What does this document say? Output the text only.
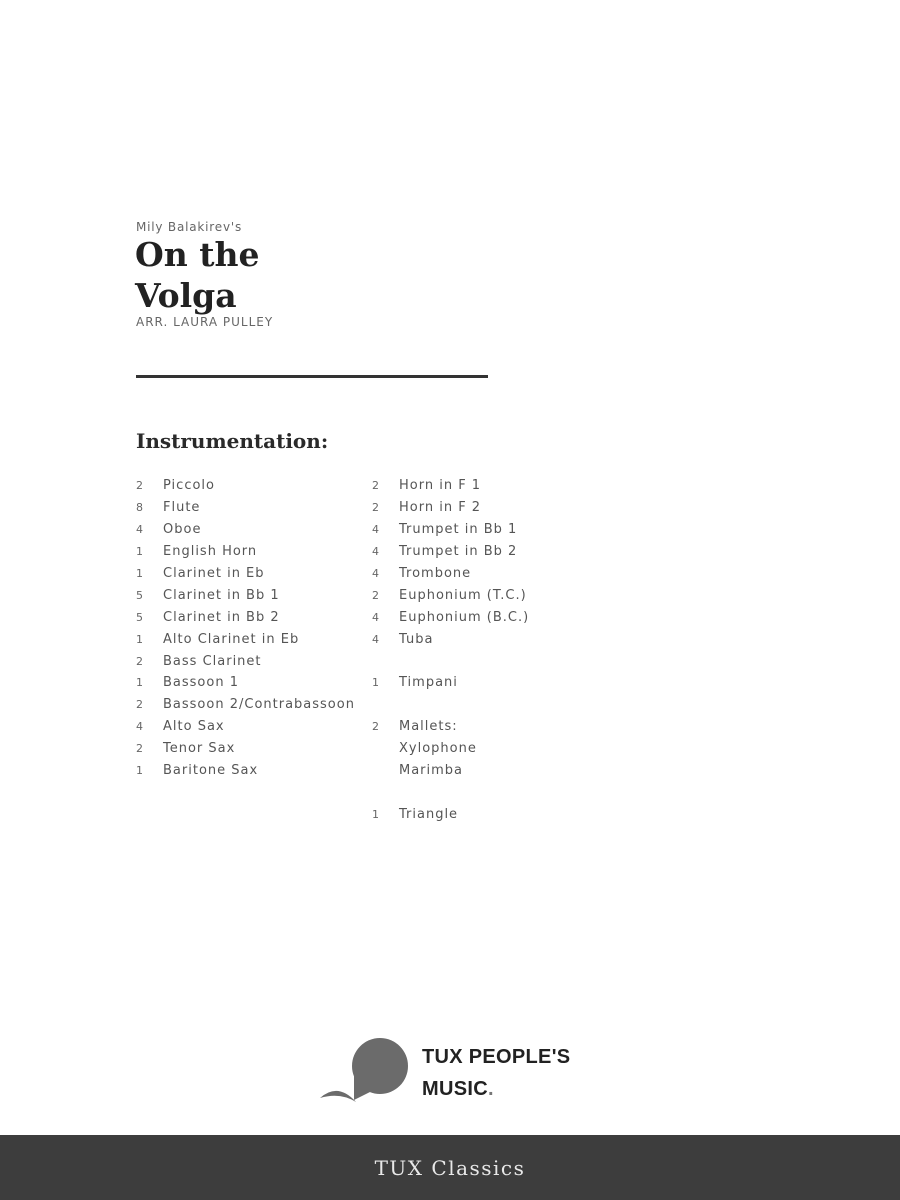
Mily Balakirev's
On the
Volga
ARR. LAURA PULLEY
Instrumentation:
2	Piccolo
8	Flute
4	Oboe
1	English Horn
1	Clarinet in Eb
5	Clarinet in Bb 1
5	Clarinet in Bb 2
1	Alto Clarinet in Eb
2	Bass Clarinet
1	Bassoon 1
2	Bassoon 2/Contrabassoon
4	Alto Sax
2	Tenor Sax
1	Baritone Sax
2	Horn in F 1
2	Horn in F 2
4	Trumpet in Bb 1
4	Trumpet in Bb 2
4	Trombone
2	Euphonium (T.C.)
4	Euphonium (B.C.)
4	Tuba
1	Timpani
2	Mallets:
Xylophone
Marimba
1	Triangle
TUX PEOPLE'S
MUSIC.
TUX Classics
